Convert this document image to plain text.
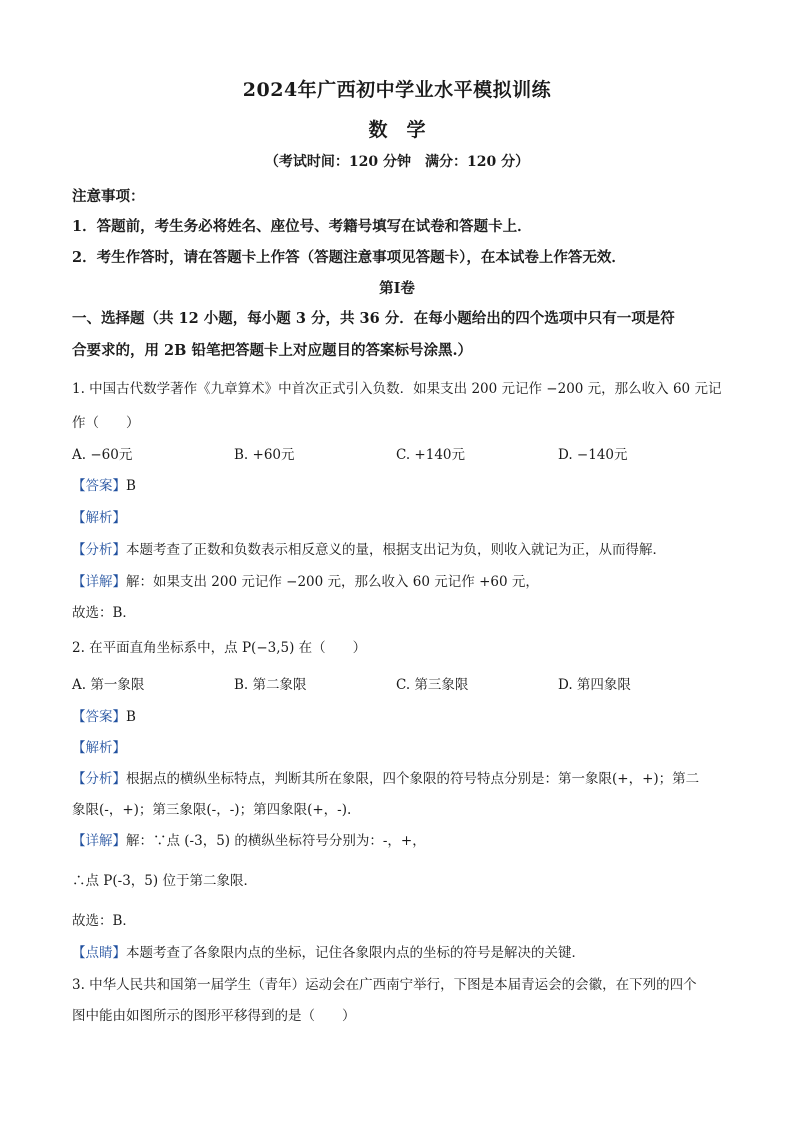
2024年广西初中学业水平模拟训练
数　学
（考试时间：120 分钟　满分：120 分）
注意事项：
1．答题前，考生务必将姓名、座位号、考籍号填写在试卷和答题卡上．
2．考生作答时，请在答题卡上作答（答题注意事项见答题卡），在本试卷上作答无效．
第Ⅰ卷
一、选择题（共 12 小题，每小题 3 分，共 36 分．在每小题给出的四个选项中只有一项是符
合要求的，用 2B 铅笔把答题卡上对应题目的答案标号涂黑.）
1. 中国古代数学著作《九章算术》中首次正式引入负数．如果支出 200 元记作 −200 元，那么收入 60 元记
作（　　）
A. −60元	B. +60元	C. +140元	D. −140元
【答案】B
【解析】
【分析】本题考查了正数和负数表示相反意义的量，根据支出记为负，则收入就记为正，从而得解．
【详解】解：如果支出 200 元记作 −200 元，那么收入 60 元记作 +60 元，
故选：B．
2. 在平面直角坐标系中，点 P(−3,5) 在（　　）
A. 第一象限	B. 第二象限	C. 第三象限	D. 第四象限
【答案】B
【解析】
【分析】根据点的横纵坐标特点，判断其所在象限，四个象限的符号特点分别是：第一象限(+，+)；第二
象限(-，+)；第三象限(-，-)；第四象限(+，-).
【详解】解：∵点 (-3，5) 的横纵坐标符号分别为：-，+，
∴点 P(-3，5) 位于第二象限．
故选：B．
【点睛】本题考查了各象限内点的坐标，记住各象限内点的坐标的符号是解决的关键．
3. 中华人民共和国第一届学生（青年）运动会在广西南宁举行，下图是本届青运会的会徽，在下列的四个
图中能由如图所示的图形平移得到的是（　　）
